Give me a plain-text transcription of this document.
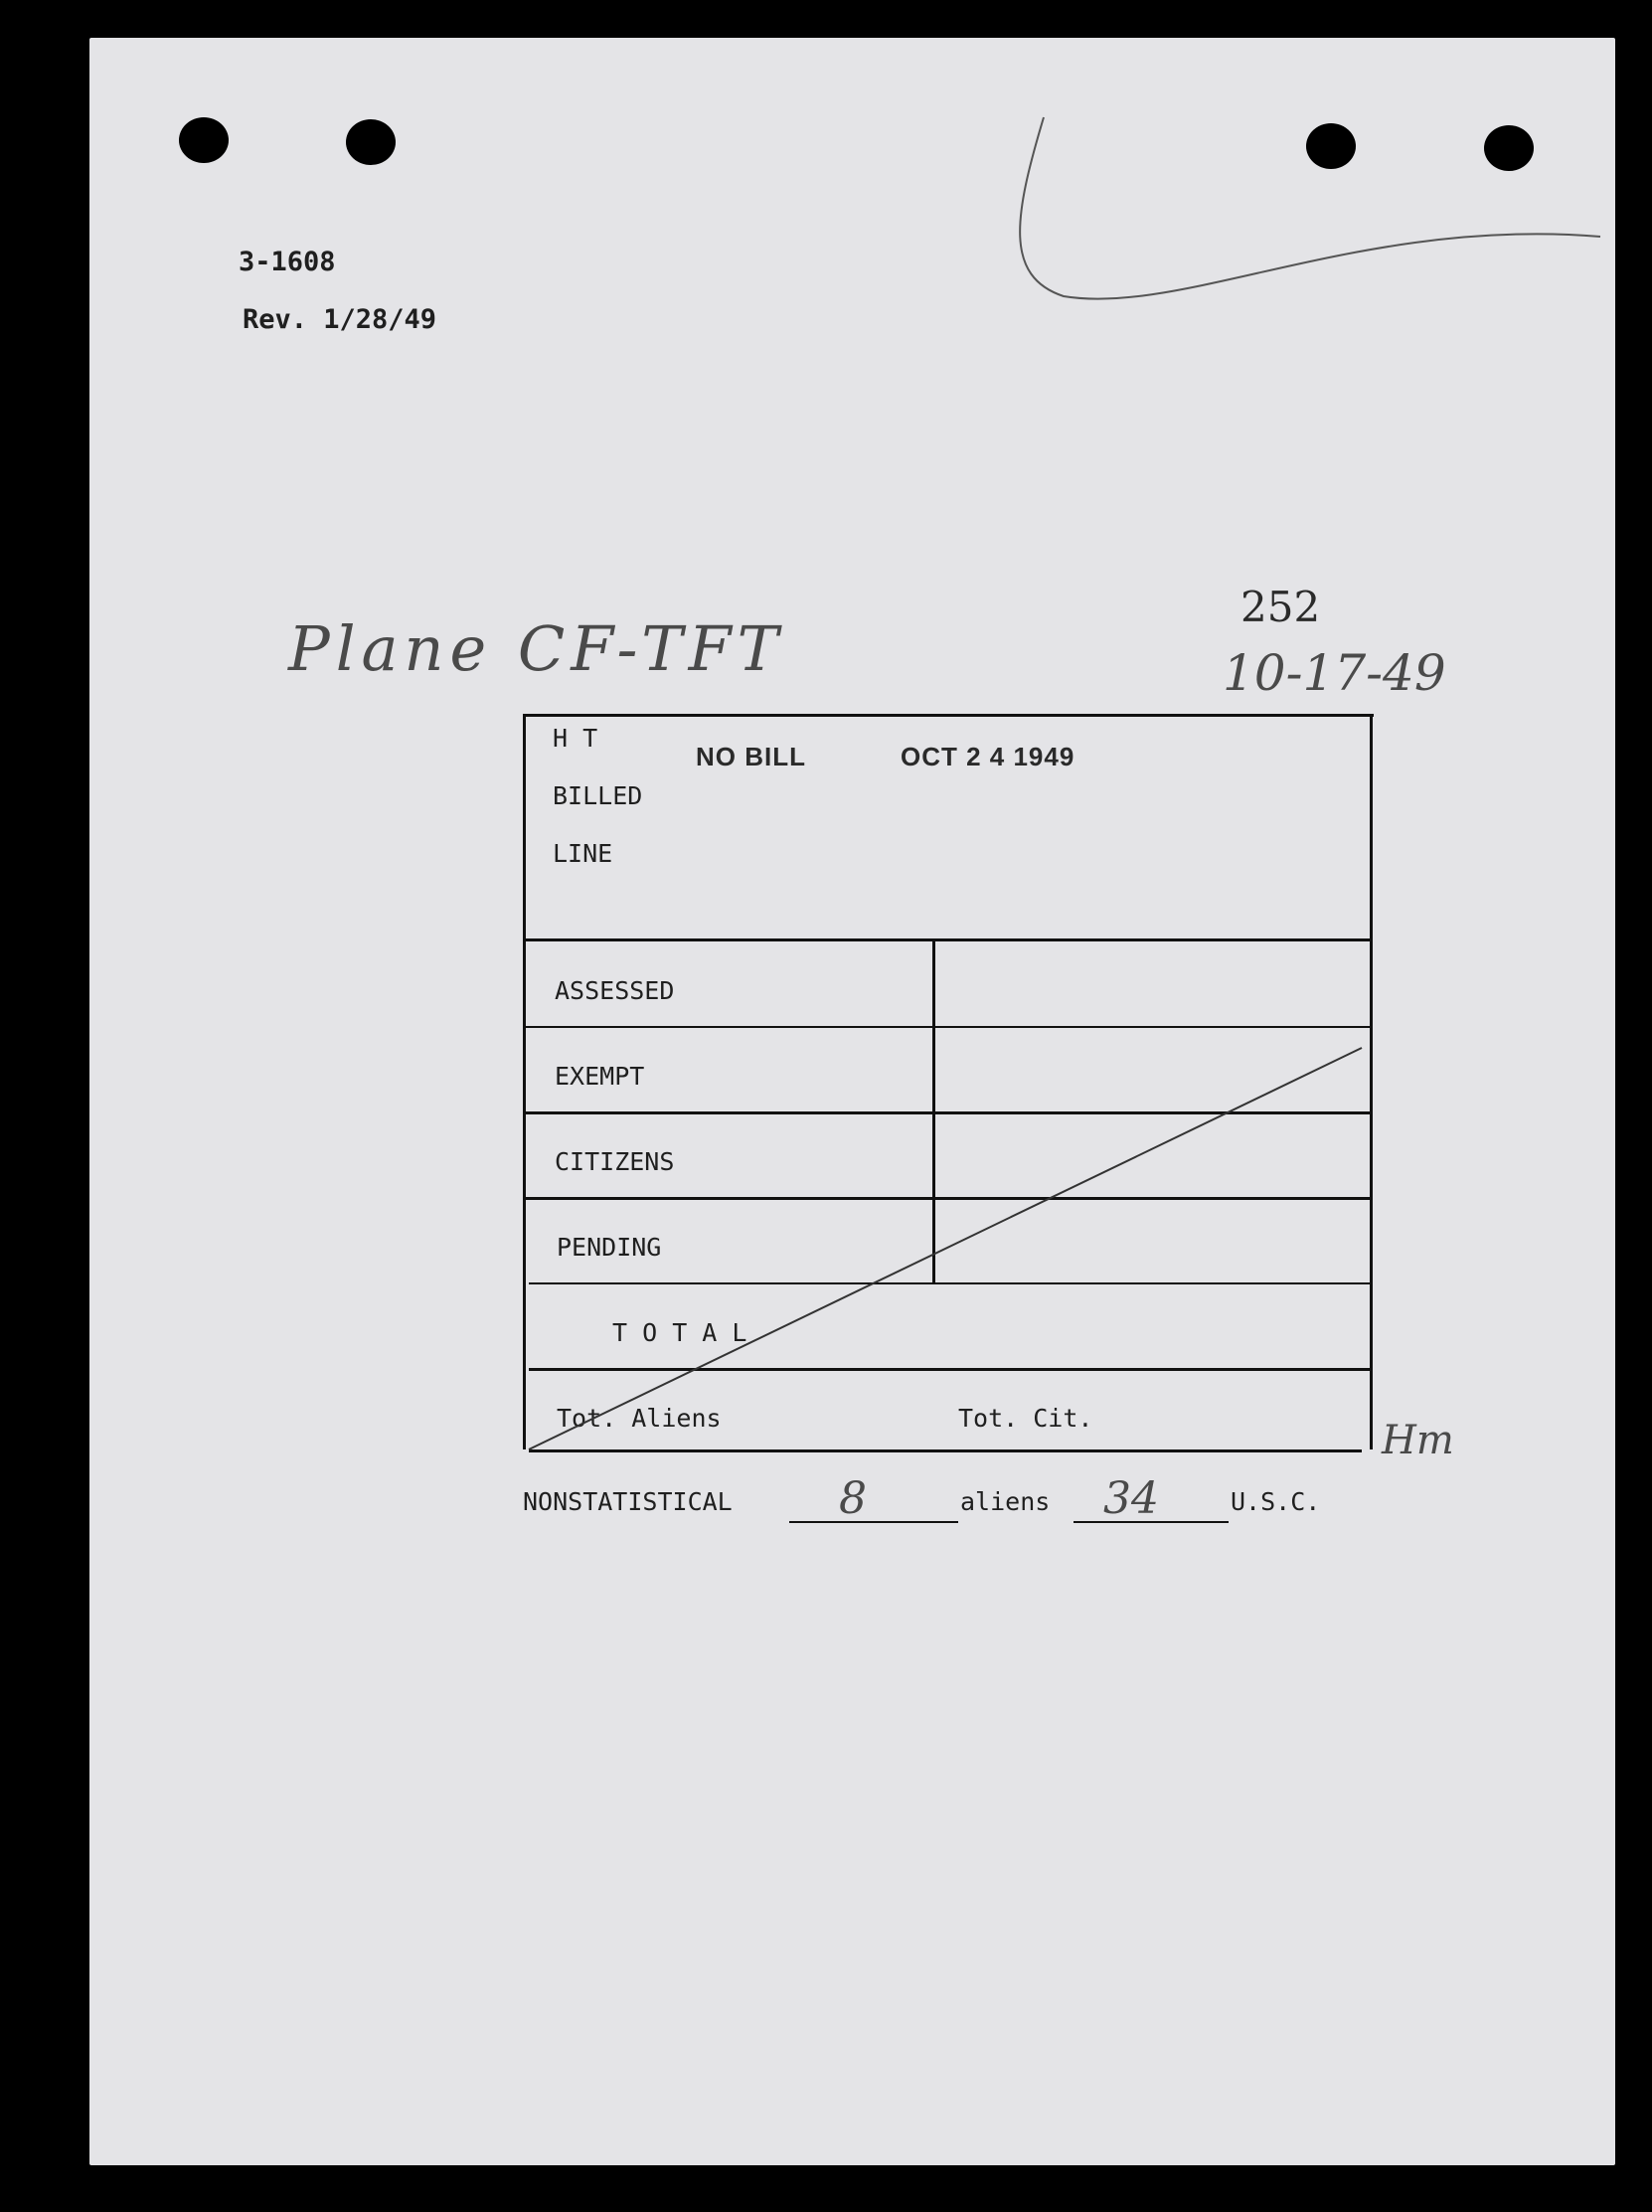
3-1608
Rev. 1/28/49
Plane CF-TFT
252
10-17-49
H T
BILLED
LINE
NO BILL	OCT 2 4 1949
ASSESSED
EXEMPT
CITIZENS
PENDING
T O T A L
Tot. Aliens	Tot. Cit.	Hm
NONSTATISTICAL 8	aliens 34	U.S.C.
